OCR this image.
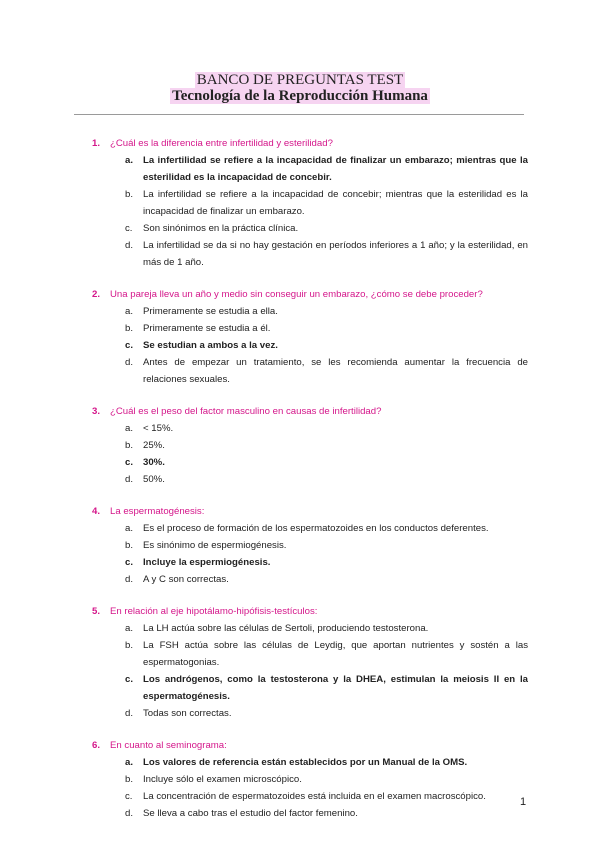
BANCO DE PREGUNTAS TEST

Tecnología de la Reproducción Humana

1.	¿Cuál es la diferencia entre infertilidad y esterilidad?
a.	La infertilidad se refiere a la incapacidad de finalizar un embarazo; mientras que la esterilidad es la incapacidad de concebir.
b.	La infertilidad se refiere a la incapacidad de concebir; mientras que la esterilidad es la incapacidad de finalizar un embarazo.
c.	Son sinónimos en la práctica clínica.
d.	La infertilidad se da si no hay gestación en períodos inferiores a 1 año; y la esterilidad, en más de 1 año.
2.	Una pareja lleva un año y medio sin conseguir un embarazo, ¿cómo se debe proceder?
a.	Primeramente se estudia a ella.
b.	Primeramente se estudia a él.
c.	Se estudian a ambos a la vez.
d.	Antes de empezar un tratamiento, se les recomienda aumentar la frecuencia de relaciones sexuales.
3.	¿Cuál es el peso del factor masculino en causas de infertilidad?
a.	< 15%.
b.	25%.
c.	30%.
d.	50%.
4.	La espermatogénesis:
a.	Es el proceso de formación de los espermatozoides en los conductos deferentes.
b.	Es sinónimo de espermiogénesis.
c.	Incluye la espermiogénesis.
d.	A y C son correctas.
5.	En relación al eje hipotálamo-hipófisis-testículos:
a.	La LH actúa sobre las células de Sertoli, produciendo testosterona.
b.	La FSH actúa sobre las células de Leydig, que aportan nutrientes y sostén a las espermatogonias.
c.	Los andrógenos, como la testosterona y la DHEA, estimulan la meiosis II en la espermatogénesis.
d.	Todas son correctas.
6.	En cuanto al seminograma:
a.	Los valores de referencia están establecidos por un Manual de la OMS.
b.	Incluye sólo el examen microscópico.
c.	La concentración de espermatozoides está incluida en el examen macroscópico.
d.	Se lleva a cabo tras el estudio del factor femenino.
1
